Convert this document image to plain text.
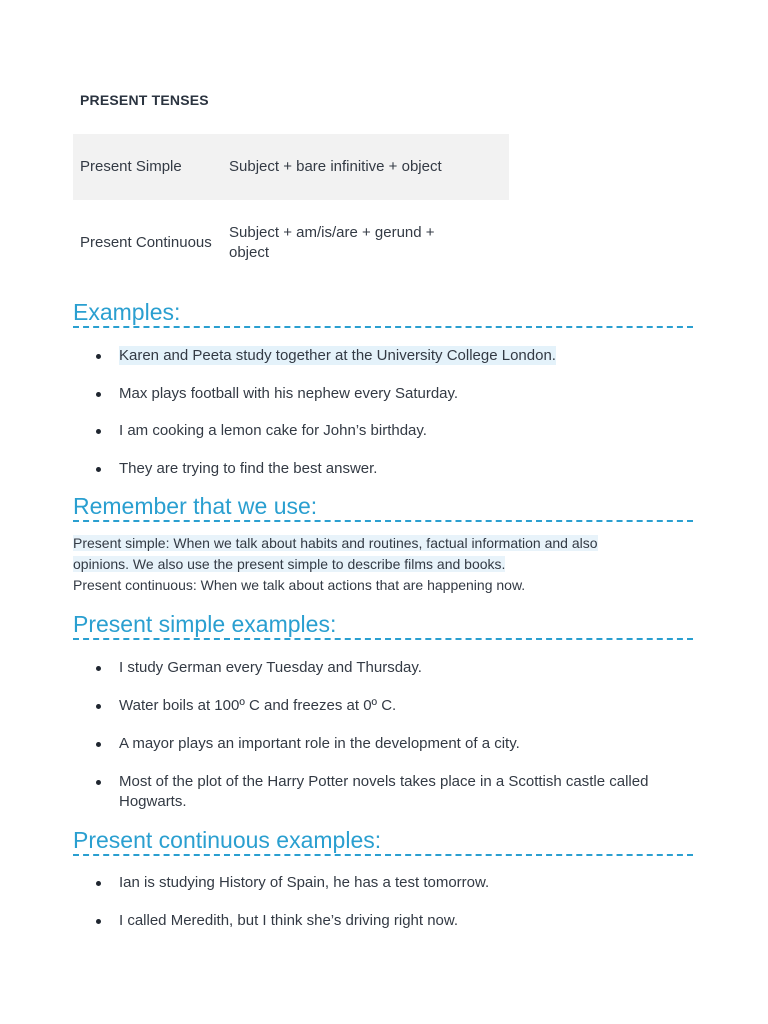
PRESENT TENSES
Present Simple	Subject + bare infinitive + object
Present Continuous
Subject + am/is/are + gerund + object
Examples:
Karen and Peeta study together at the University College London.
Max plays football with his nephew every Saturday.
I am cooking a lemon cake for John’s birthday.
They are trying to find the best answer.
Remember that we use:
Present simple: When we talk about habits and routines, factual information and also
opinions. We also use the present simple to describe films and books.
Present continuous: When we talk about actions that are happening now.
Present simple examples:
I study German every Tuesday and Thursday.
Water boils at 100º C and freezes at 0º C.
A mayor plays an important role in the development of a city.
Most of the plot of the Harry Potter novels takes place in a Scottish castle called Hogwarts.
Present continuous examples:
Ian is studying History of Spain, he has a test tomorrow.
I called Meredith, but I think she’s driving right now.
